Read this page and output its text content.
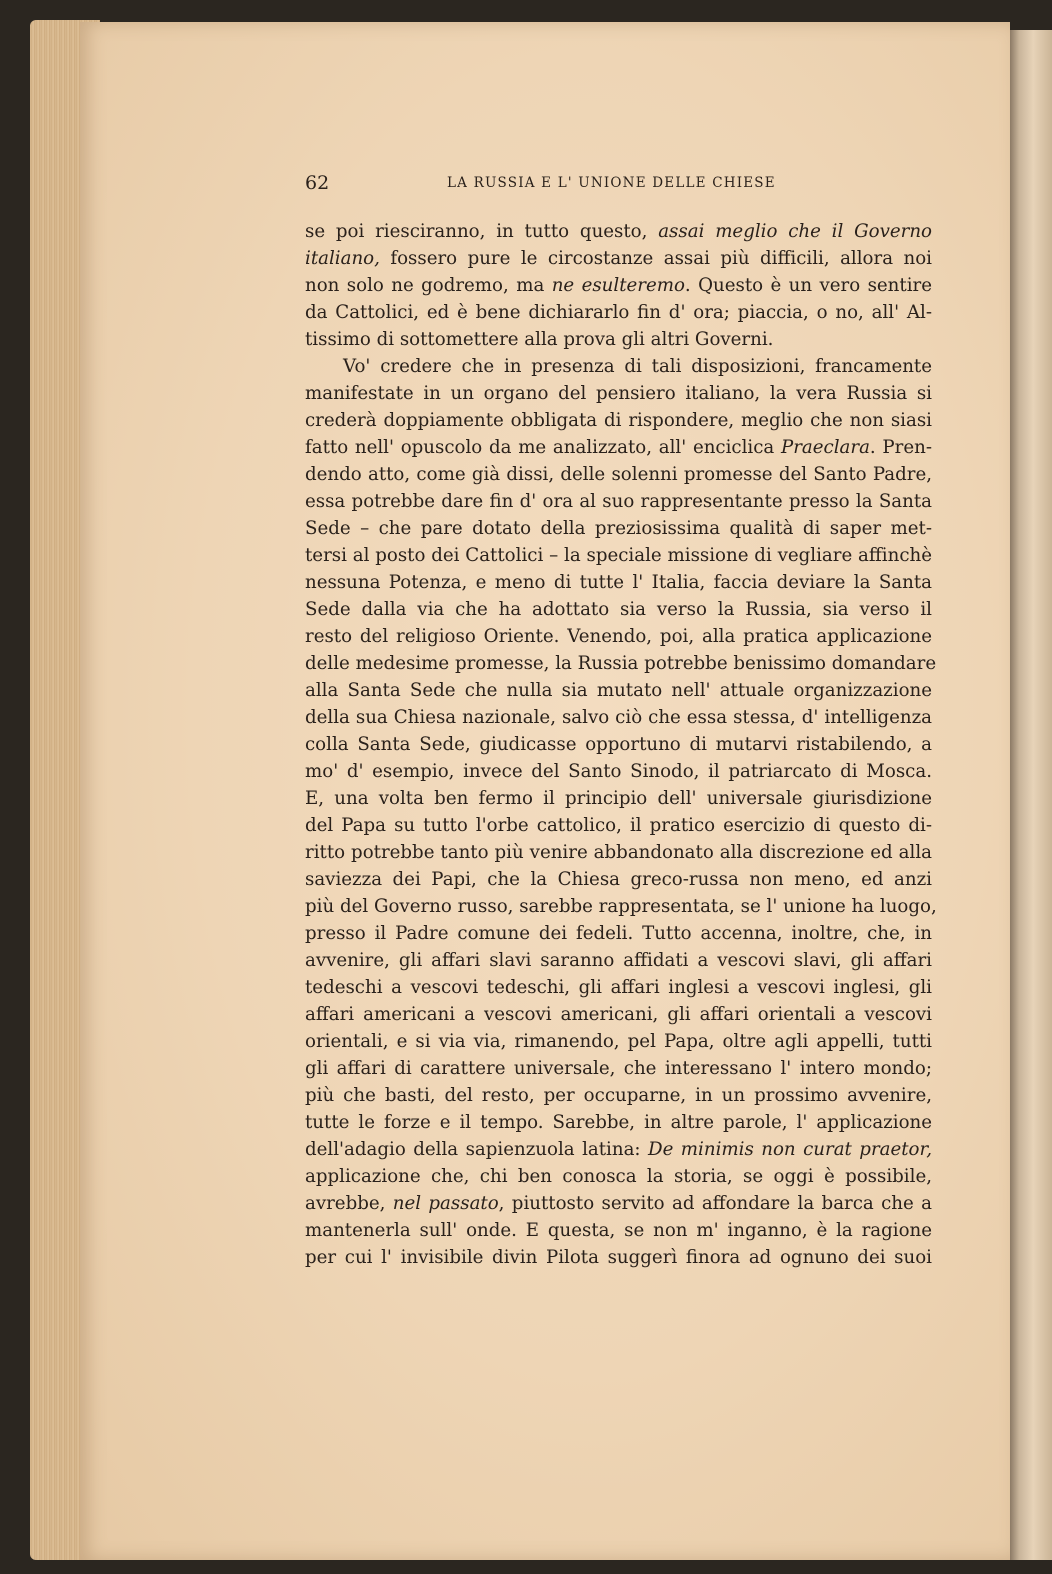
62	LA RUSSIA E L' UNIONE DELLE CHIESE
se poi riesciranno, in tutto questo, assai meglio che il Governo
italiano, fossero pure le circostanze assai più difficili, allora noi
non solo ne godremo, ma ne esulteremo. Questo è un vero sentire
da Cattolici, ed è bene dichiararlo fin d' ora; piaccia, o no, all' Al-
tissimo di sottomettere alla prova gli altri Governi.
Vo' credere che in presenza di tali disposizioni, francamente
manifestate in un organo del pensiero italiano, la vera Russia si
crederà doppiamente obbligata di rispondere, meglio che non siasi
fatto nell' opuscolo da me analizzato, all' enciclica Praeclara. Pren-
dendo atto, come già dissi, delle solenni promesse del Santo Padre,
essa potrebbe dare fin d' ora al suo rappresentante presso la Santa
Sede – che pare dotato della preziosissima qualità di saper met-
tersi al posto dei Cattolici – la speciale missione di vegliare affinchè
nessuna Potenza, e meno di tutte l' Italia, faccia deviare la Santa
Sede dalla via che ha adottato sia verso la Russia, sia verso il
resto del religioso Oriente. Venendo, poi, alla pratica applicazione
delle medesime promesse, la Russia potrebbe benissimo domandare
alla Santa Sede che nulla sia mutato nell' attuale organizzazione
della sua Chiesa nazionale, salvo ciò che essa stessa, d' intelligenza
colla Santa Sede, giudicasse opportuno di mutarvi ristabilendo, a
mo' d' esempio, invece del Santo Sinodo, il patriarcato di Mosca.
E, una volta ben fermo il principio dell' universale giurisdizione
del Papa su tutto l'orbe cattolico, il pratico esercizio di questo di-
ritto potrebbe tanto più venire abbandonato alla discrezione ed alla
saviezza dei Papi, che la Chiesa greco-russa non meno, ed anzi
più del Governo russo, sarebbe rappresentata, se l' unione ha luogo,
presso il Padre comune dei fedeli. Tutto accenna, inoltre, che, in
avvenire, gli affari slavi saranno affidati a vescovi slavi, gli affari
tedeschi a vescovi tedeschi, gli affari inglesi a vescovi inglesi, gli
affari americani a vescovi americani, gli affari orientali a vescovi
orientali, e si via via, rimanendo, pel Papa, oltre agli appelli, tutti
gli affari di carattere universale, che interessano l' intero mondo;
più che basti, del resto, per occuparne, in un prossimo avvenire,
tutte le forze e il tempo. Sarebbe, in altre parole, l' applicazione
dell'adagio della sapienzuola latina: De minimis non curat praetor,
applicazione che, chi ben conosca la storia, se oggi è possibile,
avrebbe, nel passato, piuttosto servito ad affondare la barca che a
mantenerla sull' onde. E questa, se non m' inganno, è la ragione
per cui l' invisibile divin Pilota suggerì finora ad ognuno dei suoi
